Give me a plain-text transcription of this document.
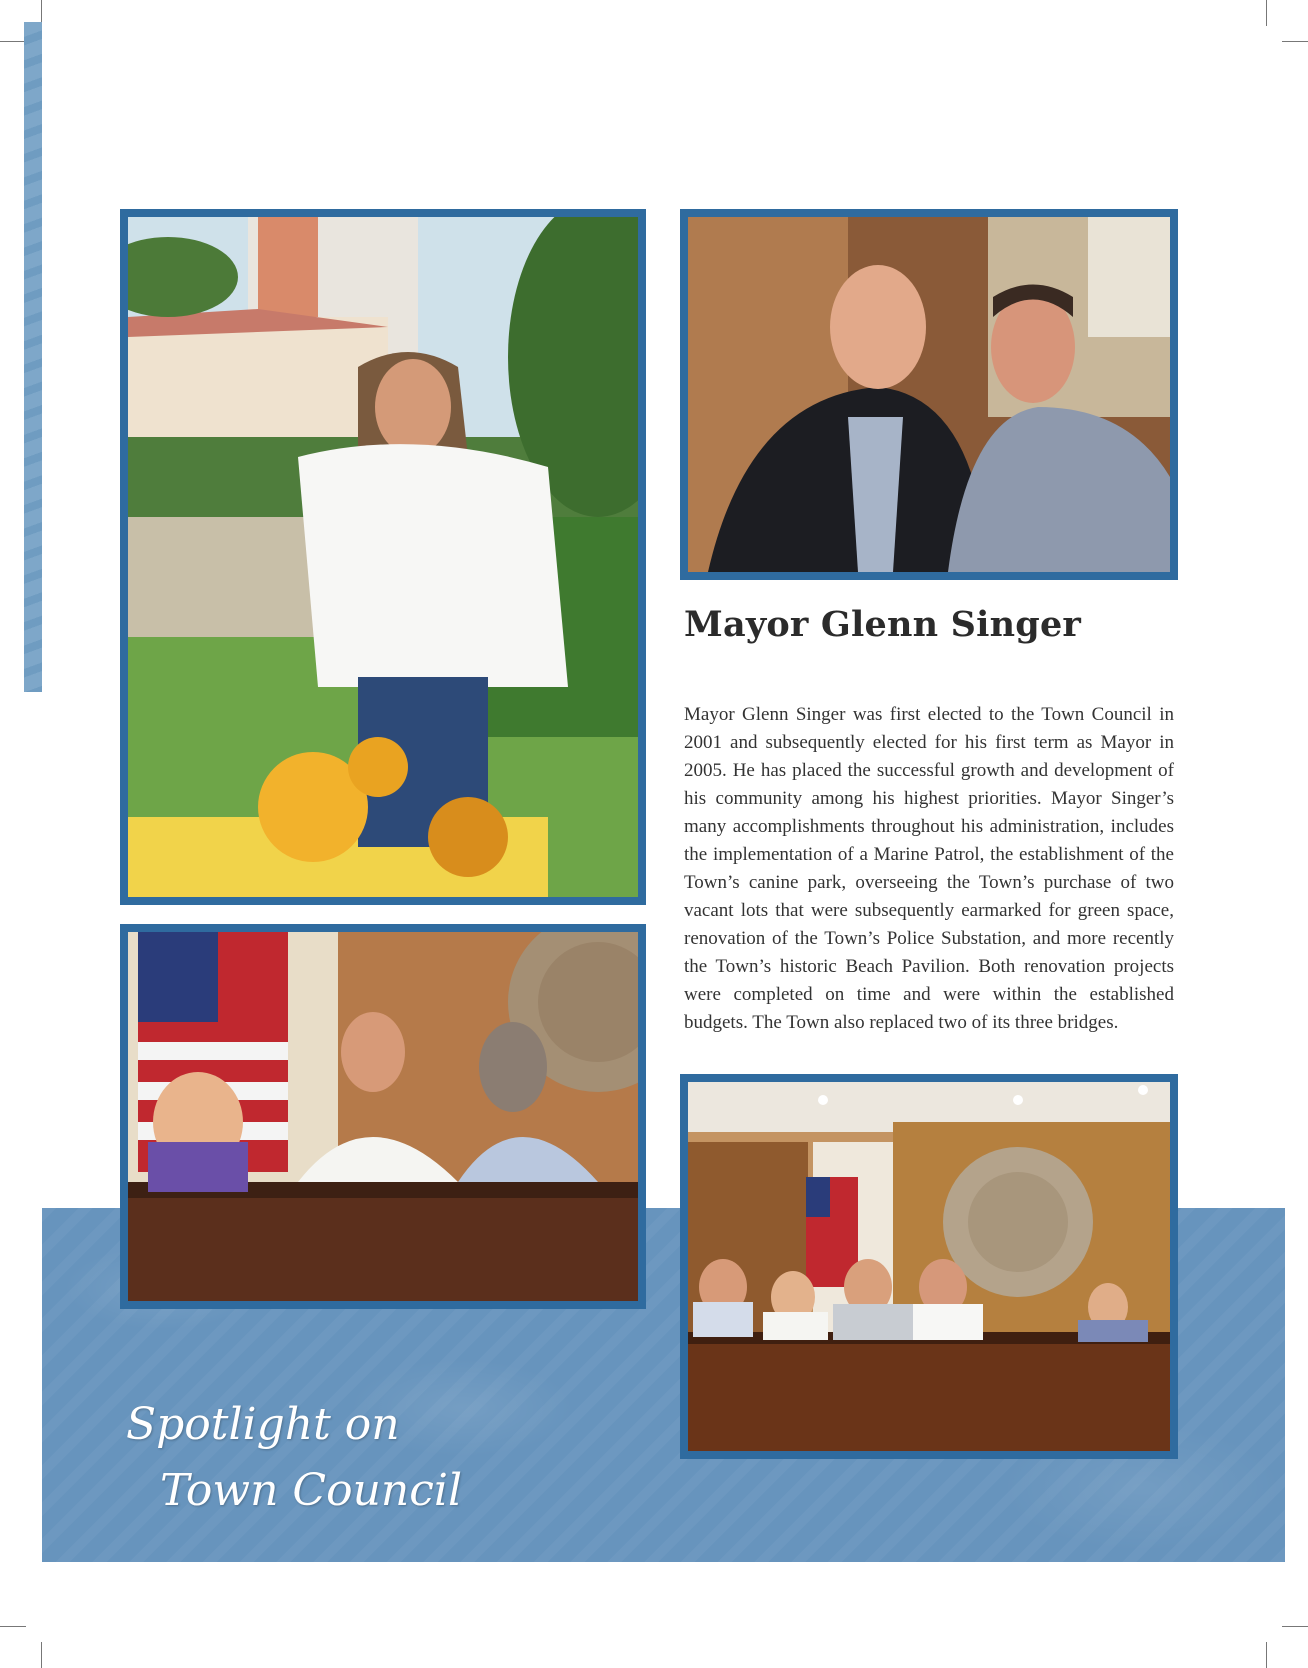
Mayor Glenn Singer

Mayor Glenn Singer was first elected to the Town Council in 2001 and subsequently elected for his first term as Mayor in 2005. He has placed the successful growth and development of his community among his highest priorities. Mayor Singer’s many accomplishments throughout his administration, includes the implementation of a Marine Patrol, the establishment of the Town’s canine park, overseeing the Town’s purchase of two vacant lots that were subsequently earmarked for green space, renovation of the Town’s Police Substation, and more recently the Town’s historic Beach Pavilion. Both renovation projects were completed on time and were within the established budgets. The Town also replaced two of its three bridges.

Spotlight on
Town Council
